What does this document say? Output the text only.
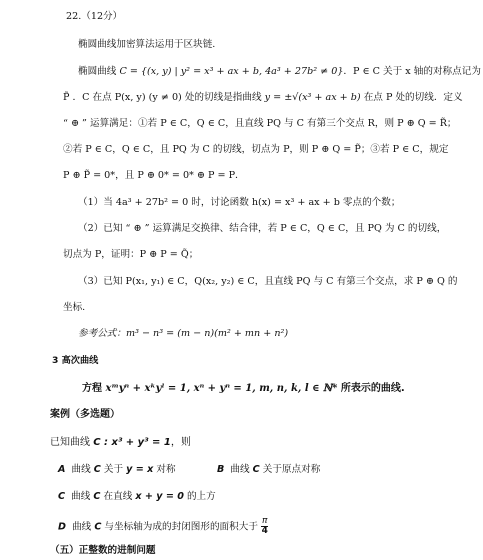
22.（12分）
椭圆曲线加密算法运用于区块链.
椭圆曲线 C = {(x, y) | y² = x³ + ax + b, 4a³ + 27b² ≠ 0}．P ∈ C 关于 x 轴的对称点记为
P̃ ．C 在点 P(x, y) (y ≠ 0) 处的切线是指曲线 y = ±√(x³ + ax + b) 在点 P 处的切线．定义
“ ⊕ ” 运算满足：①若 P ∈ C，Q ∈ C，且直线 PQ 与 C 有第三个交点 R，则 P ⊕ Q = R̃；
②若 P ∈ C，Q ∈ C，且 PQ 为 C 的切线，切点为 P，则 P ⊕ Q = P̃；③若 P ∈ C，规定
P ⊕ P̃ = 0*，且 P ⊕ 0* = 0* ⊕ P = P．
（1）当 4a³ + 27b² = 0 时，讨论函数 h(x) = x³ + ax + b 零点的个数；
（2）已知 “ ⊕ ” 运算满足交换律、结合律，若 P ∈ C，Q ∈ C，且 PQ 为 C 的切线，
切点为 P，证明：P ⊕ P = Q̃；
（3）已知 P(x₁, y₁) ∈ C，Q(x₂, y₂) ∈ C，且直线 PQ 与 C 有第三个交点，求 P ⊕ Q 的
坐标.
参考公式：m³ − n³ = (m − n)(m² + mn + n²)
3 高次曲线
方程 xᵐyⁿ + xᵏyˡ = 1, xⁿ + yⁿ = 1, m, n, k, l ∈ ℕ* 所表示的曲线.
案例（多选题）
已知曲线 C : x³ + y³ = 1，则
A 曲线 C 关于 y = x 对称	B 曲线 C 关于原点对称
C 曲线 C 在直线 x + y = 0 的上方
D 曲线 C 与坐标轴为成的封闭图形的面积大于 $\frac{\pi}{4}$
（五）正整数的进制问题
